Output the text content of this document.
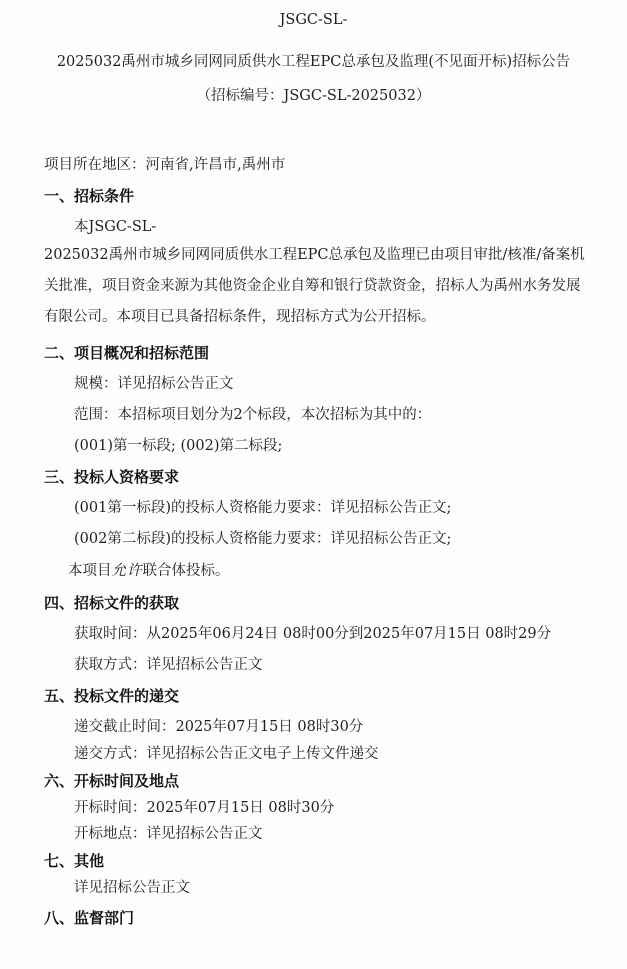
JSGC-SL-
2025032禹州市城乡同网同质供水工程EPC总承包及监理(不见面开标)招标公告
（招标编号：JSGC-SL-2025032）
项目所在地区：河南省,许昌市,禹州市
一、招标条件
本JSGC-SL-
2025032禹州市城乡同网同质供水工程EPC总承包及监理已由项目审批/核准/备案机关批准，项目资金来源为其他资金企业自筹和银行贷款资金，招标人为禹州水务发展有限公司。本项目已具备招标条件，现招标方式为公开招标。
二、项目概况和招标范围
规模：详见招标公告正文
范围：本招标项目划分为2个标段，本次招标为其中的：
(001)第一标段; (002)第二标段;
三、投标人资格要求
(001第一标段)的投标人资格能力要求：详见招标公告正文;
(002第二标段)的投标人资格能力要求：详见招标公告正文;
本项目允许联合体投标。
四、招标文件的获取
获取时间：从2025年06月24日 08时00分到2025年07月15日 08时29分
获取方式：详见招标公告正文
五、投标文件的递交
递交截止时间：2025年07月15日 08时30分
递交方式：详见招标公告正文电子上传文件递交
六、开标时间及地点
开标时间：2025年07月15日 08时30分
开标地点：详见招标公告正文
七、其他
详见招标公告正文
八、监督部门
